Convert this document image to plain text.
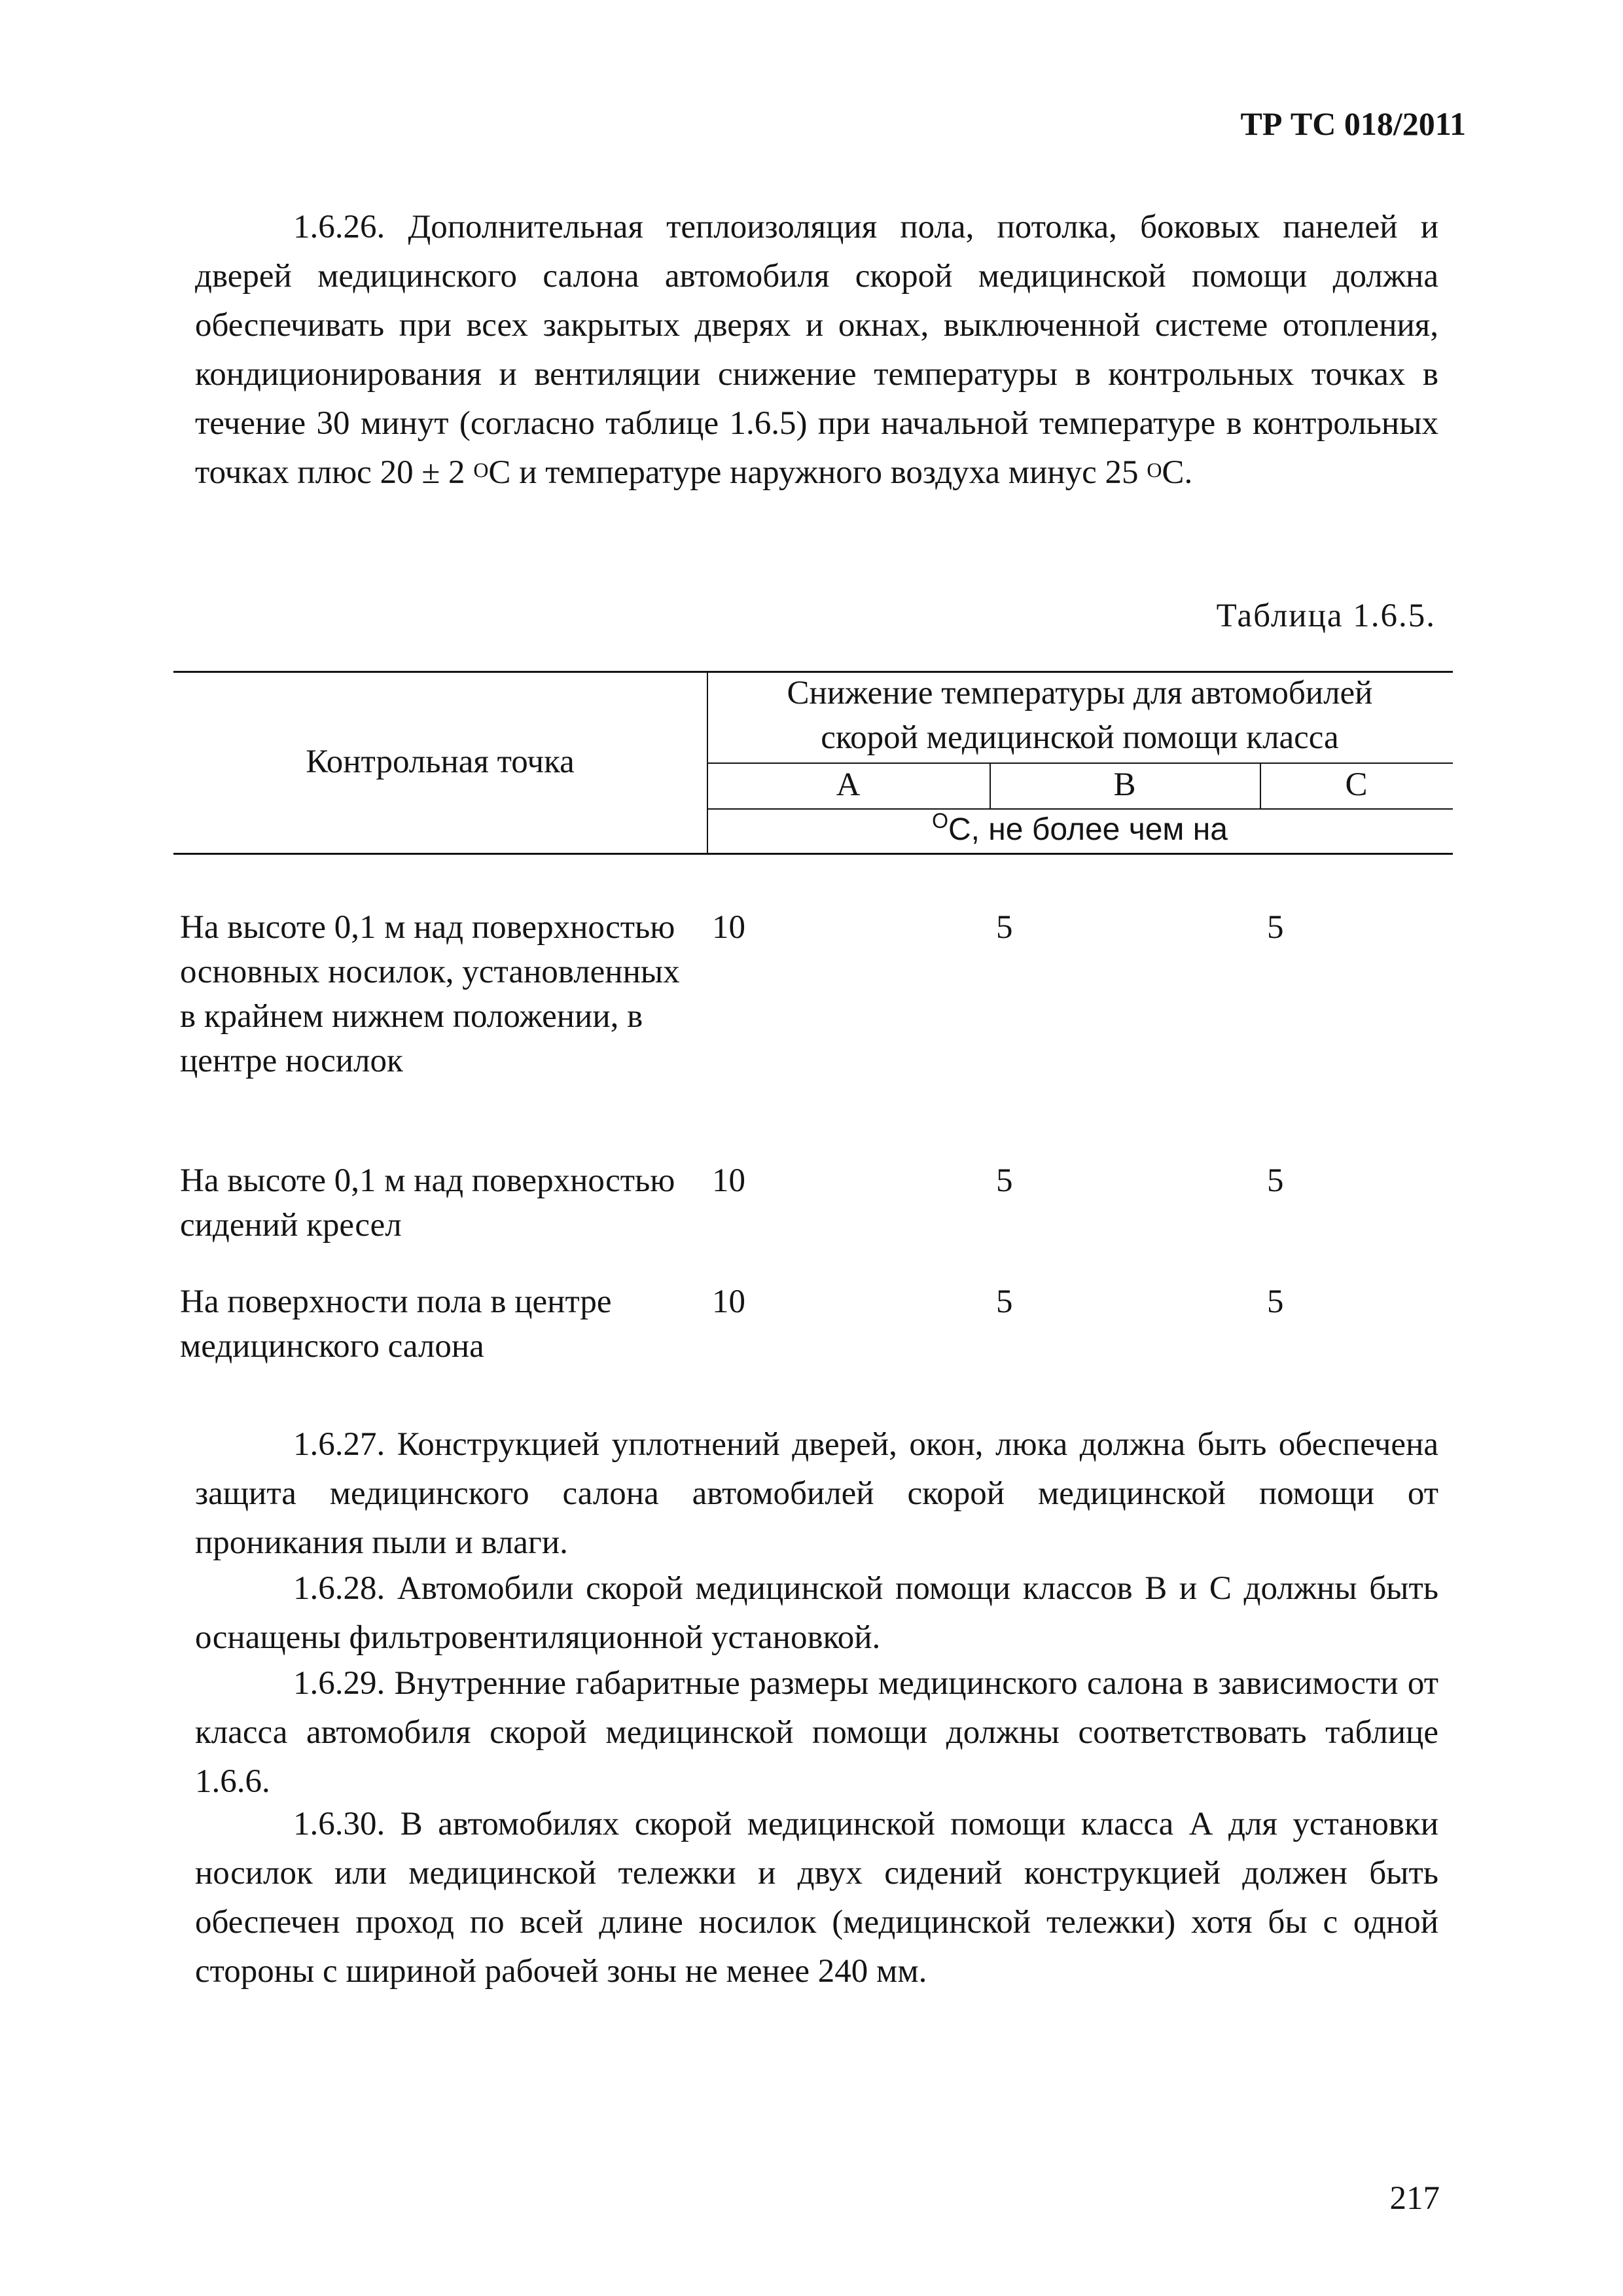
ТР ТС 018/2011

1.6.26. Дополнительная теплоизоляция пола, потолка, боковых панелей и дверей медицинского салона автомобиля скорой медицинской помощи должна обеспечивать при всех закрытых дверях и окнах, выключенной системе отопления, кондиционирования и вентиляции снижение температуры в контрольных точках в течение 30 минут (согласно таблице 1.6.5) при начальной температуре в контрольных точках плюс 20 ± 2 $^О$С и температуре наружного воздуха минус 25 $^О$С.

Таблица 1.6.5.
Контрольная точка
Снижение температуры для автомобилей
скорой медицинской помощи класса
А	В	С
$^О$С, не более чем на
На высоте 0,1 м над поверхностью основных носилок, установленных в крайнем нижнем положении, в центре носилок
10	5	5
На высоте 0,1 м над поверхностью сидений кресел
10	5	5
На поверхности пола в центре медицинского салона
10	5	5

1.6.27. Конструкцией уплотнений дверей, окон, люка должна быть обеспечена защита медицинского салона автомобилей скорой медицинской помощи от проникания пыли и влаги.

1.6.28. Автомобили скорой медицинской помощи классов В и С должны быть оснащены фильтровентиляционной установкой.

1.6.29. Внутренние габаритные размеры медицинского салона в зависимости от класса автомобиля скорой медицинской помощи должны соответствовать таблице 1.6.6.

1.6.30. В автомобилях скорой медицинской помощи класса А для установки носилок или медицинской тележки и двух сидений конструкцией должен быть обеспечен проход по всей длине носилок (медицинской тележки) хотя бы с одной стороны с шириной рабочей зоны не менее 240 мм.

217
